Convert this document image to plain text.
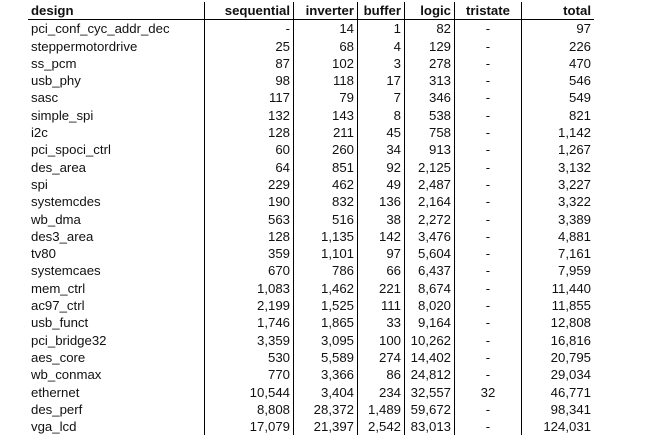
design	sequential	inverter	buffer	logic	tristate	total
pci_conf_cyc_addr_dec	-	14	1	82	-	97
steppermotordrive	25	68	4	129	-	226
ss_pcm	87	102	3	278	-	470
usb_phy	98	118	17	313	-	546
sasc	117	79	7	346	-	549
simple_spi	132	143	8	538	-	821
i2c	128	211	45	758	-	1,142
pci_spoci_ctrl	60	260	34	913	-	1,267
des_area	64	851	92	2,125	-	3,132
spi	229	462	49	2,487	-	3,227
systemcdes	190	832	136	2,164	-	3,322
wb_dma	563	516	38	2,272	-	3,389
des3_area	128	1,135	142	3,476	-	4,881
tv80	359	1,101	97	5,604	-	7,161
systemcaes	670	786	66	6,437	-	7,959
mem_ctrl	1,083	1,462	221	8,674	-	11,440
ac97_ctrl	2,199	1,525	111	8,020	-	11,855
usb_funct	1,746	1,865	33	9,164	-	12,808
pci_bridge32	3,359	3,095	100	10,262	-	16,816
aes_core	530	5,589	274	14,402	-	20,795
wb_conmax	770	3,366	86	24,812	-	29,034
ethernet	10,544	3,404	234	32,557	32	46,771
des_perf	8,808	28,372	1,489	59,672	-	98,341
vga_lcd	17,079	21,397	2,542	83,013	-	124,031
